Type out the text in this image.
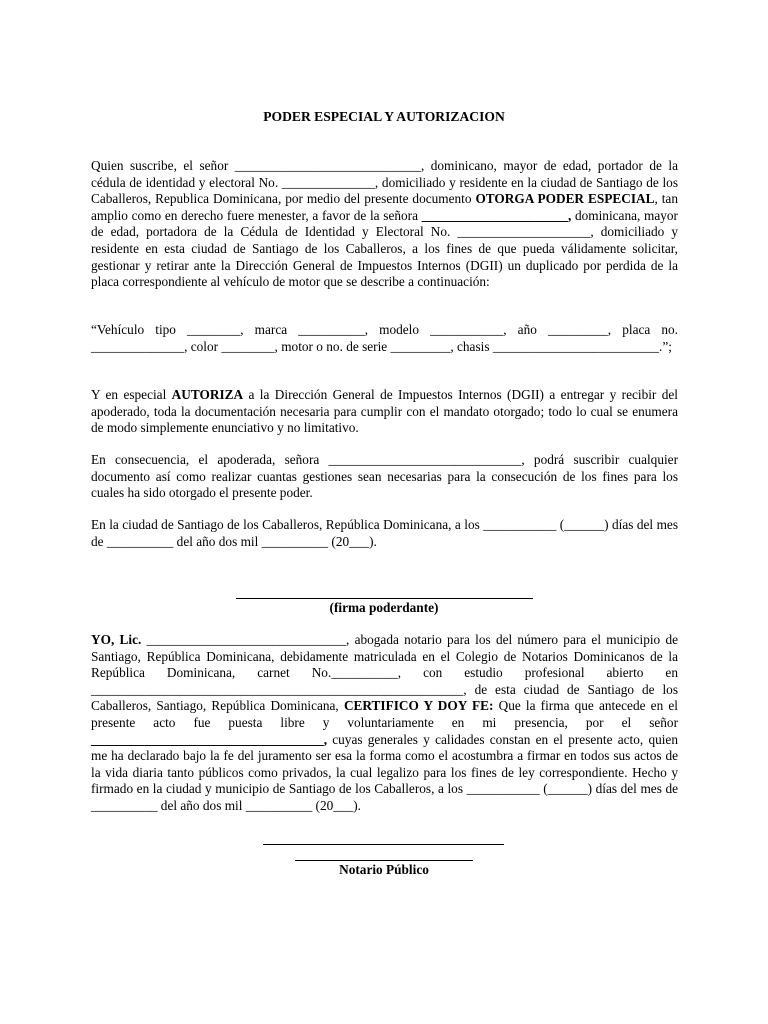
PODER ESPECIAL Y AUTORIZACION
Quien suscribe, el señor ____________________________, dominicano, mayor de edad, portador de la cédula de identidad y electoral No. ______________, domiciliado y residente en la ciudad de Santiago de los Caballeros, Republica Dominicana, por medio del presente documento OTORGA PODER ESPECIAL, tan amplio como en derecho fuere menester, a favor de la señora ______________________, dominicana, mayor de edad, portadora de la Cédula de Identidad y Electoral No. ____________________, domiciliado y residente en esta ciudad de Santiago de los Caballeros, a los fines de que pueda válidamente solicitar, gestionar y retirar ante la Dirección General de Impuestos Internos (DGII) un duplicado por perdida de la placa correspondiente al vehículo de motor que se describe a continuación:
“Vehículo tipo ________, marca __________, modelo ___________, año _________, placa no. ______________, color ________, motor o no. de serie _________, chasis _________________________.”;
Y en especial AUTORIZA a la Dirección General de Impuestos Internos (DGII) a entregar y recibir del apoderado, toda la documentación necesaria para cumplir con el mandato otorgado; todo lo cual se enumera de modo simplemente enunciativo y no limitativo.
En consecuencia, el apoderada, señora _____________________________, podrá suscribir cualquier documento así como realizar cuantas gestiones sean necesarias para la consecución de los fines para los cuales ha sido otorgado el presente poder.
En la ciudad de Santiago de los Caballeros, República Dominicana, a los ___________ (______) días del mes de __________ del año dos mil __________ (20___).
(firma poderdante)
YO, Lic. ______________________________, abogada notario para los del número para el municipio de Santiago, República Dominicana, debidamente matriculada en el Colegio de Notarios Dominicanos de la República Dominicana, carnet No.__________, con estudio profesional abierto en ________________________________________________________, de esta ciudad de Santiago de los Caballeros, Santiago, República Dominicana, CERTIFICO Y DOY FE: Que la firma que antecede en el presente acto fue puesta libre y voluntariamente en mi presencia, por el señor ___________________________________, cuyas generales y calidades constan en el presente acto, quien me ha declarado bajo la fe del juramento ser esa la forma como el acostumbra a firmar en todos sus actos de la vida diaria tanto públicos como privados, la cual legalizo para los fines de ley correspondiente. Hecho y firmado en la ciudad y municipio de Santiago de los Caballeros, a los ___________ (______) días del mes de __________ del año dos mil __________ (20___).
Notario Público
